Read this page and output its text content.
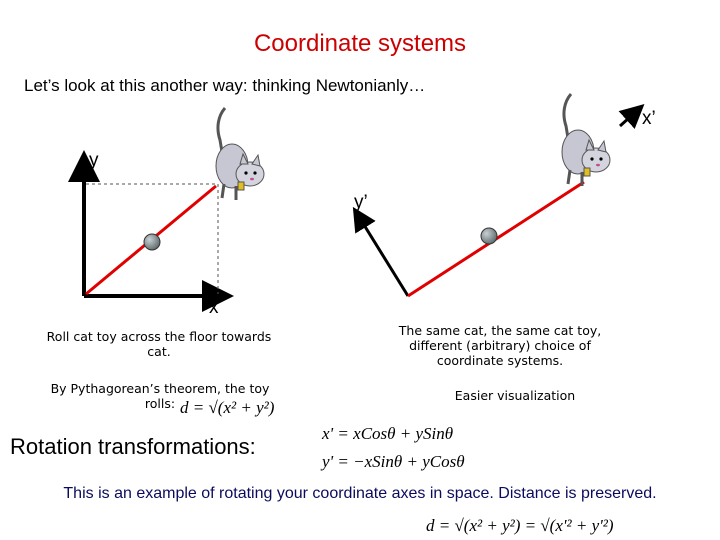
Coordinate systems
Let’s look at this another way: thinking Newtonianly…
y
x
x’
y’
Roll cat toy across the floor towards cat.
By Pythagorean’s theorem, the toy rolls:
The same cat, the same cat toy, different (arbitrary) choice of coordinate systems.
Easier visualization
d = √(x² + y²)
x' = xCosθ + ySinθ
y' = −xSinθ + yCosθ
d = √(x² + y²) = √(x'² + y'²)
Rotation transformations:
This is an example of rotating your coordinate axes in space. Distance is preserved.
